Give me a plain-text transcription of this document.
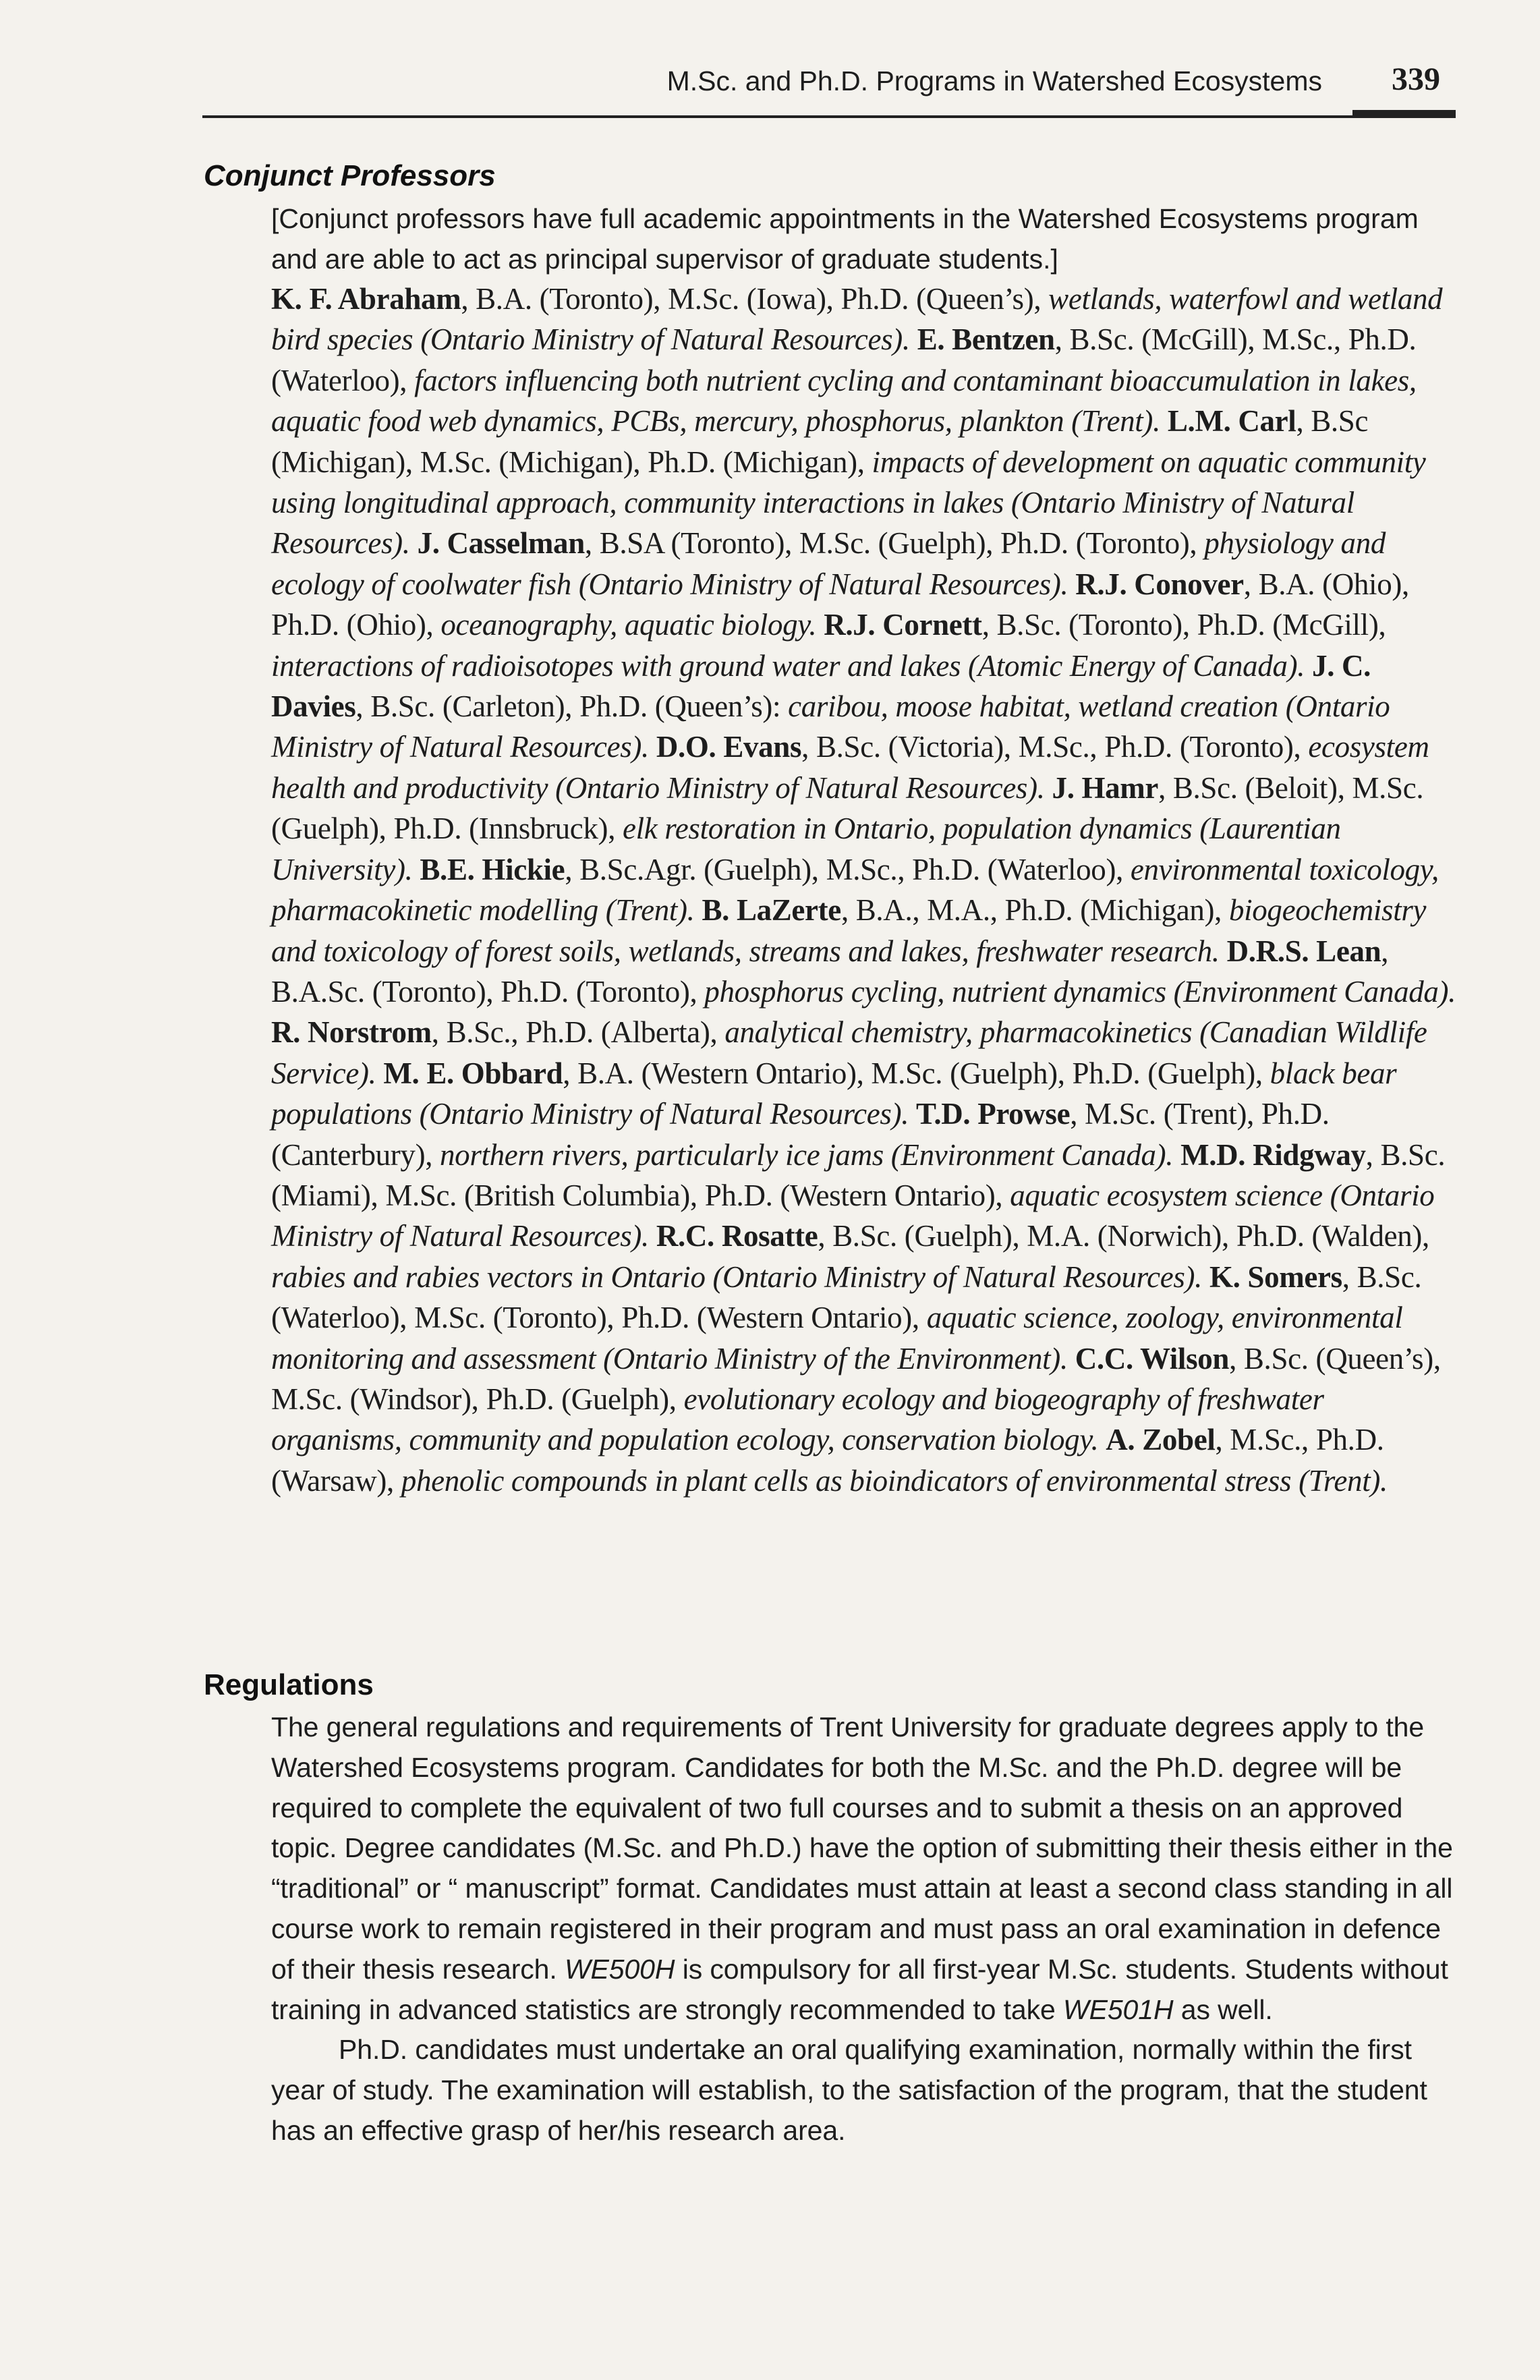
M.Sc. and Ph.D. Programs in Watershed Ecosystems 339
Conjunct Professors
[Conjunct professors have full academic appointments in the Watershed Ecosystems program and are able to act as principal supervisor of graduate students.]
K. F. Abraham, B.A. (Toronto), M.Sc. (Iowa), Ph.D. (Queen’s), wetlands, waterfowl and wetland bird species (Ontario Ministry of Natural Resources). E. Bentzen, B.Sc. (McGill), M.Sc., Ph.D. (Waterloo), factors influencing both nutrient cycling and contaminant bioaccumulation in lakes, aquatic food web dynamics, PCBs, mercury, phosphorus, plankton (Trent). L.M. Carl, B.Sc (Michigan), M.Sc. (Michigan), Ph.D. (Michigan), impacts of development on aquatic community using longitudinal approach, community interactions in lakes (Ontario Ministry of Natural Resources). J. Casselman, B.SA (Toronto), M.Sc. (Guelph), Ph.D. (Toronto), physiology and ecology of coolwater fish (Ontario Ministry of Natural Resources). R.J. Conover, B.A. (Ohio), Ph.D. (Ohio), oceanography, aquatic biology. R.J. Cornett, B.Sc. (Toronto), Ph.D. (McGill), interactions of radioisotopes with ground water and lakes (Atomic Energy of Canada). J. C. Davies, B.Sc. (Carleton), Ph.D. (Queen’s): caribou, moose habitat, wetland creation (Ontario Ministry of Natural Resources). D.O. Evans, B.Sc. (Victoria), M.Sc., Ph.D. (Toronto), ecosystem health and productivity (Ontario Ministry of Natural Resources). J. Hamr, B.Sc. (Beloit), M.Sc. (Guelph), Ph.D. (Innsbruck), elk restoration in Ontario, population dynamics (Laurentian University). B.E. Hickie, B.Sc.Agr. (Guelph), M.Sc., Ph.D. (Waterloo), environmental toxicology, pharmacokinetic modelling (Trent). B. LaZerte, B.A., M.A., Ph.D. (Michigan), biogeochemistry and toxicology of forest soils, wetlands, streams and lakes, freshwater research. D.R.S. Lean, B.A.Sc. (Toronto), Ph.D. (Toronto), phosphorus cycling, nutrient dynamics (Environment Canada). R. Norstrom, B.Sc., Ph.D. (Alberta), analytical chemistry, pharmacokinetics (Canadian Wildlife Service). M. E. Obbard, B.A. (Western Ontario), M.Sc. (Guelph), Ph.D. (Guelph), black bear populations (Ontario Ministry of Natural Resources). T.D. Prowse, M.Sc. (Trent), Ph.D. (Canterbury), northern rivers, particularly ice jams (Environment Canada). M.D. Ridgway, B.Sc. (Miami), M.Sc. (British Columbia), Ph.D. (Western Ontario), aquatic ecosystem science (Ontario Ministry of Natural Resources). R.C. Rosatte, B.Sc. (Guelph), M.A. (Norwich), Ph.D. (Walden), rabies and rabies vectors in Ontario (Ontario Ministry of Natural Resources). K. Somers, B.Sc. (Waterloo), M.Sc. (Toronto), Ph.D. (Western Ontario), aquatic science, zoology, environmental monitoring and assessment (Ontario Ministry of the Environment). C.C. Wilson, B.Sc. (Queen’s), M.Sc. (Windsor), Ph.D. (Guelph), evolutionary ecology and biogeography of freshwater organisms, community and population ecology, conservation biology. A. Zobel, M.Sc., Ph.D. (Warsaw), phenolic compounds in plant cells as bioindicators of environmental stress (Trent).
Regulations

The general regulations and requirements of Trent University for graduate degrees apply to the Watershed Ecosystems program. Candidates for both the M.Sc. and the Ph.D. degree will be required to complete the equivalent of two full courses and to submit a thesis on an approved topic. Degree candidates (M.Sc. and Ph.D.) have the option of submitting their thesis either in the “traditional” or “ manuscript” format. Candidates must attain at least a second class standing in all course work to remain registered in their program and must pass an oral examination in defence of their thesis research. WE500H is compulsory for all first-year M.Sc. students. Students without training in advanced statistics are strongly recommended to take WE501H as well.

Ph.D. candidates must undertake an oral qualifying examination, normally within the first year of study. The examination will establish, to the satisfaction of the program, that the student has an effective grasp of her/his research area.
